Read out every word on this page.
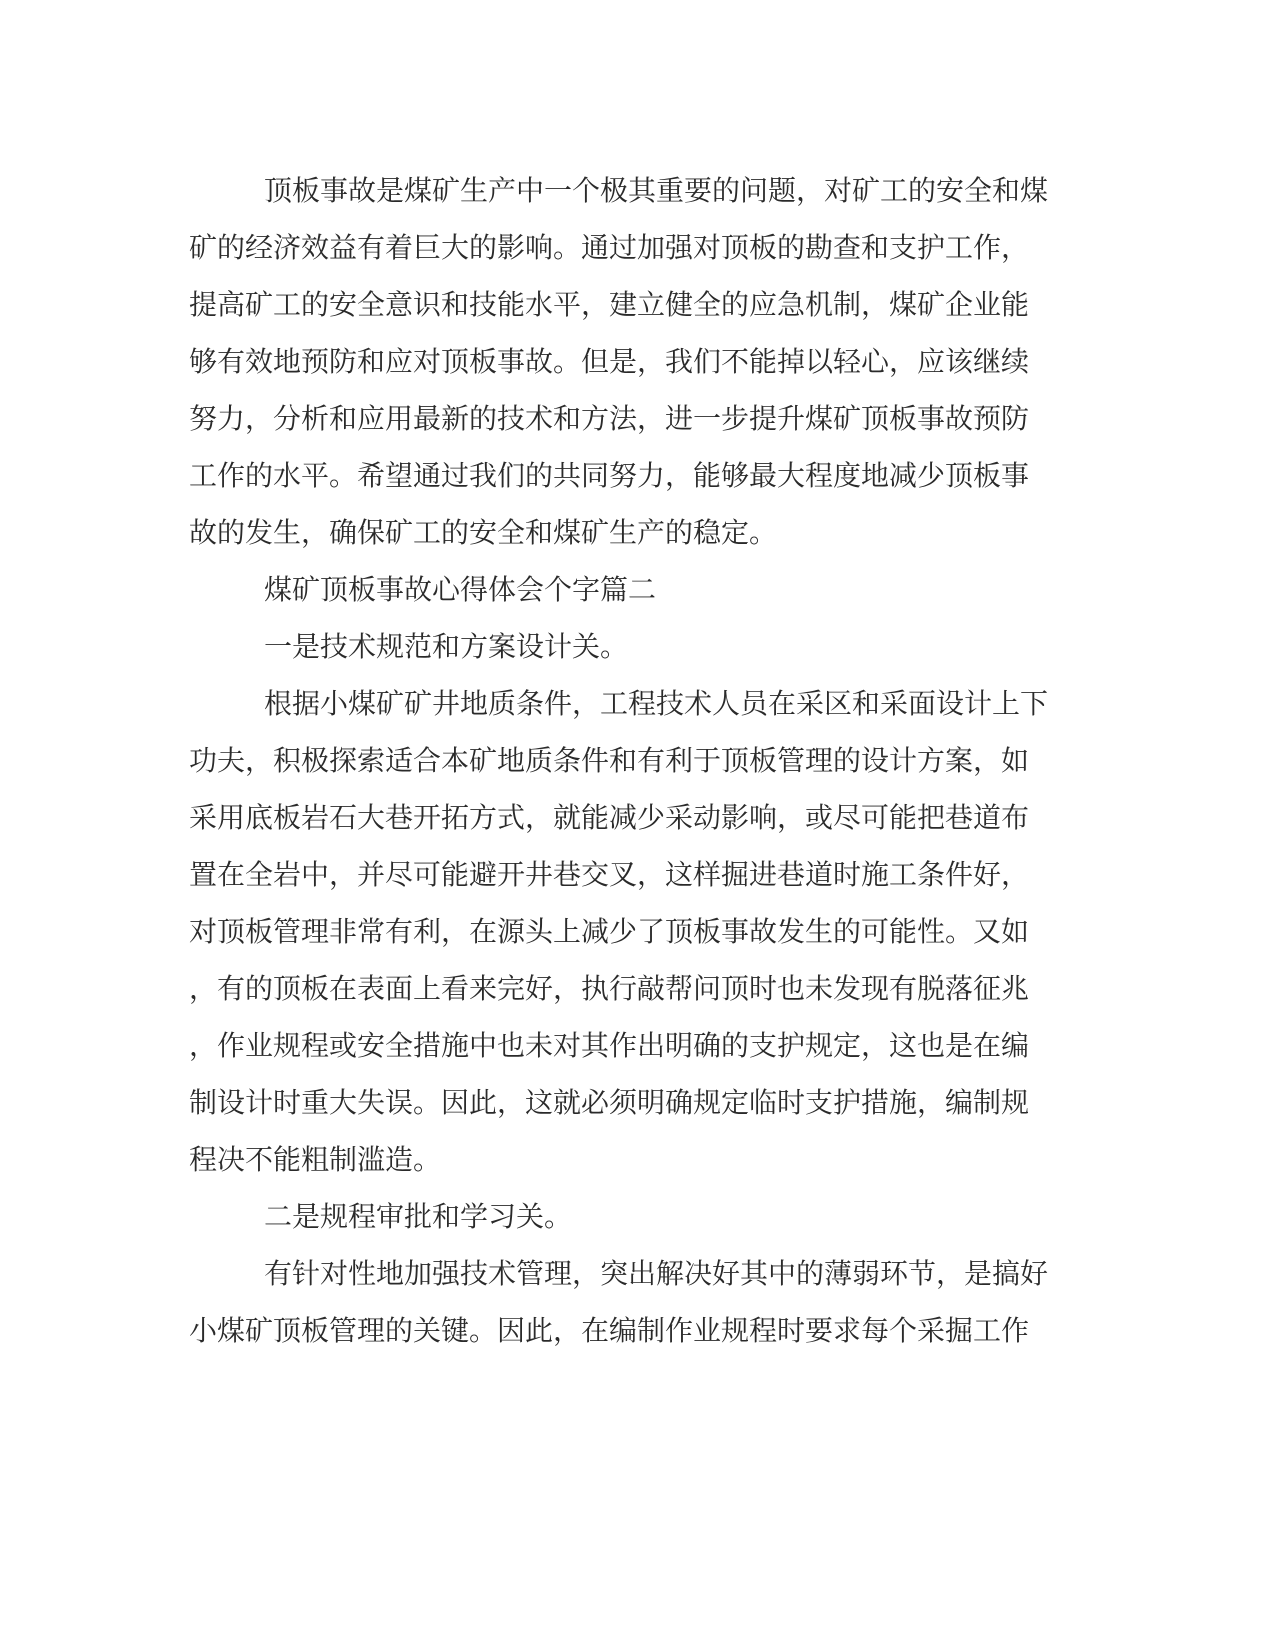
顶板事故是煤矿生产中一个极其重要的问题，对矿工的安全和煤
矿的经济效益有着巨大的影响。通过加强对顶板的勘查和支护工作，
提高矿工的安全意识和技能水平，建立健全的应急机制，煤矿企业能
够有效地预防和应对顶板事故。但是，我们不能掉以轻心，应该继续
努力，分析和应用最新的技术和方法，进一步提升煤矿顶板事故预防
工作的水平。希望通过我们的共同努力，能够最大程度地减少顶板事
故的发生，确保矿工的安全和煤矿生产的稳定。
煤矿顶板事故心得体会个字篇二
一是技术规范和方案设计关。
根据小煤矿矿井地质条件，工程技术人员在采区和采面设计上下
功夫，积极探索适合本矿地质条件和有利于顶板管理的设计方案，如
采用底板岩石大巷开拓方式，就能减少采动影响，或尽可能把巷道布
置在全岩中，并尽可能避开井巷交叉，这样掘进巷道时施工条件好，
对顶板管理非常有利，在源头上减少了顶板事故发生的可能性。又如
，有的顶板在表面上看来完好，执行敲帮问顶时也未发现有脱落征兆
，作业规程或安全措施中也未对其作出明确的支护规定，这也是在编
制设计时重大失误。因此，这就必须明确规定临时支护措施，编制规
程决不能粗制滥造。
二是规程审批和学习关。
有针对性地加强技术管理，突出解决好其中的薄弱环节，是搞好
小煤矿顶板管理的关键。因此，在编制作业规程时要求每个采掘工作
